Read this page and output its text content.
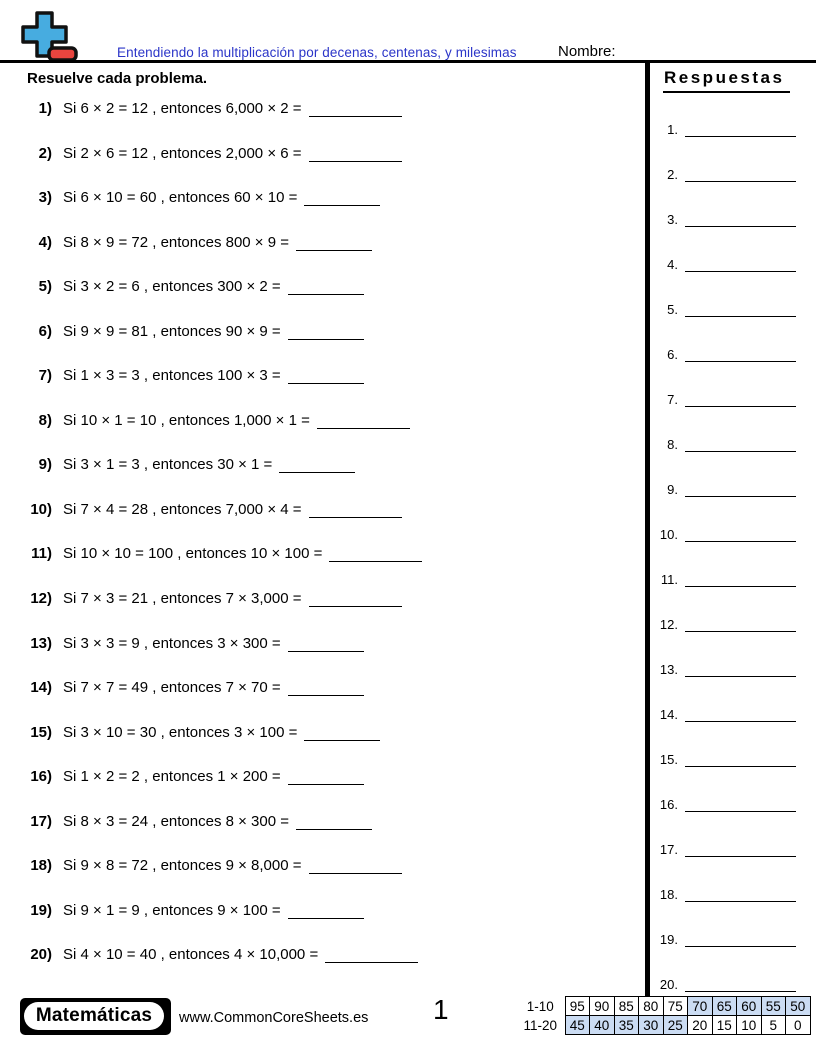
Entendiendo la multiplicación por decenas, centenas, y milesimas	Nombre:
Resuelve cada problema.
1) Si 6 × 2 = 12 , entonces 6,000 × 2 =
2) Si 2 × 6 = 12 , entonces 2,000 × 6 =
3) Si 6 × 10 = 60 , entonces 60 × 10 =
4) Si 8 × 9 = 72 , entonces 800 × 9 =
5) Si 3 × 2 = 6 , entonces 300 × 2 =
6) Si 9 × 9 = 81 , entonces 90 × 9 =
7) Si 1 × 3 = 3 , entonces 100 × 3 =
8) Si 10 × 1 = 10 , entonces 1,000 × 1 =
9) Si 3 × 1 = 3 , entonces 30 × 1 =
10) Si 7 × 4 = 28 , entonces 7,000 × 4 =
11) Si 10 × 10 = 100 , entonces 10 × 100 =
12) Si 7 × 3 = 21 , entonces 7 × 3,000 =
13) Si 3 × 3 = 9 , entonces 3 × 300 =
14) Si 7 × 7 = 49 , entonces 7 × 70 =
15) Si 3 × 10 = 30 , entonces 3 × 100 =
16) Si 1 × 2 = 2 , entonces 1 × 200 =
17) Si 8 × 3 = 24 , entonces 8 × 300 =
18) Si 9 × 8 = 72 , entonces 9 × 8,000 =
19) Si 9 × 1 = 9 , entonces 9 × 100 =
20) Si 4 × 10 = 40 , entonces 4 × 10,000 =
Respuestas
1.
2.
3.
4.
5.
6.
7.
8.
9.
10.
11.
12.
13.
14.
15.
16.
17.
18.
19.
20.
Matemáticas	www.CommonCoreSheets.es 1	1-10	95	90	85	80	75	70	65	60	55	50
11-20	45	40	35	30	25	20	15	10	5	0
